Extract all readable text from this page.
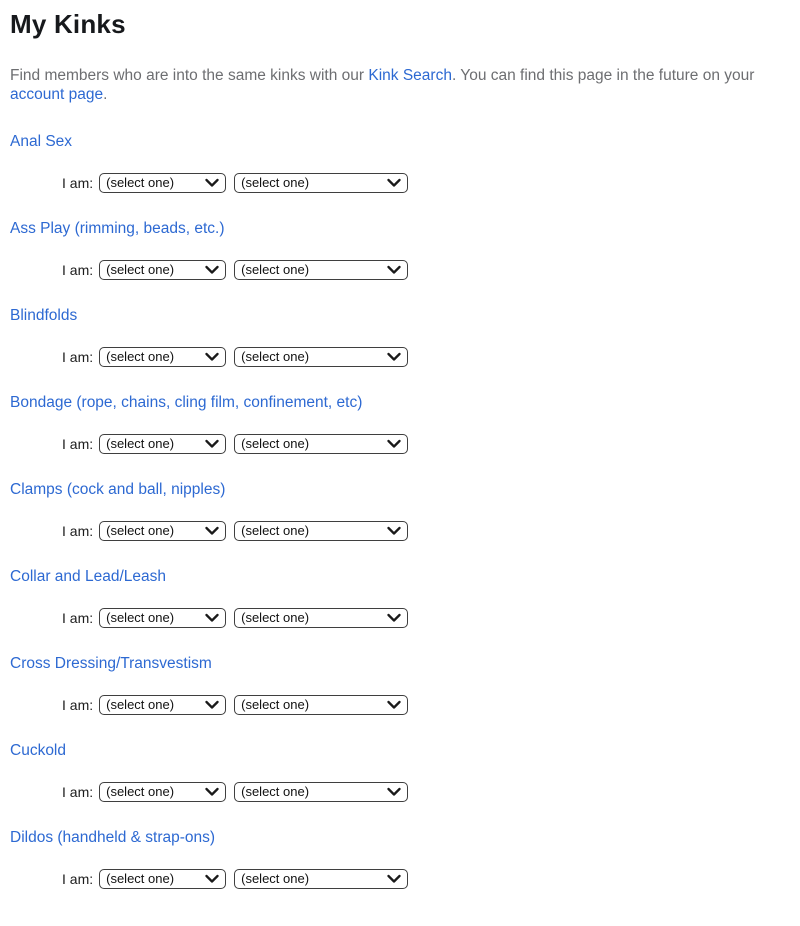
My Kinks

Find members who are into the same kinks with our Kink Search. You can find this page in the future on your account page.

Anal Sex
I am:
(select one)
(select one)
Ass Play (rimming, beads, etc.)
I am:
(select one)
(select one)
Blindfolds
I am:
(select one)
(select one)
Bondage (rope, chains, cling film, confinement, etc)
I am:
(select one)
(select one)
Clamps (cock and ball, nipples)
I am:
(select one)
(select one)
Collar and Lead/Leash
I am:
(select one)
(select one)
Cross Dressing/Transvestism
I am:
(select one)
(select one)
Cuckold
I am:
(select one)
(select one)
Dildos (handheld & strap-ons)
I am:
(select one)
(select one)
